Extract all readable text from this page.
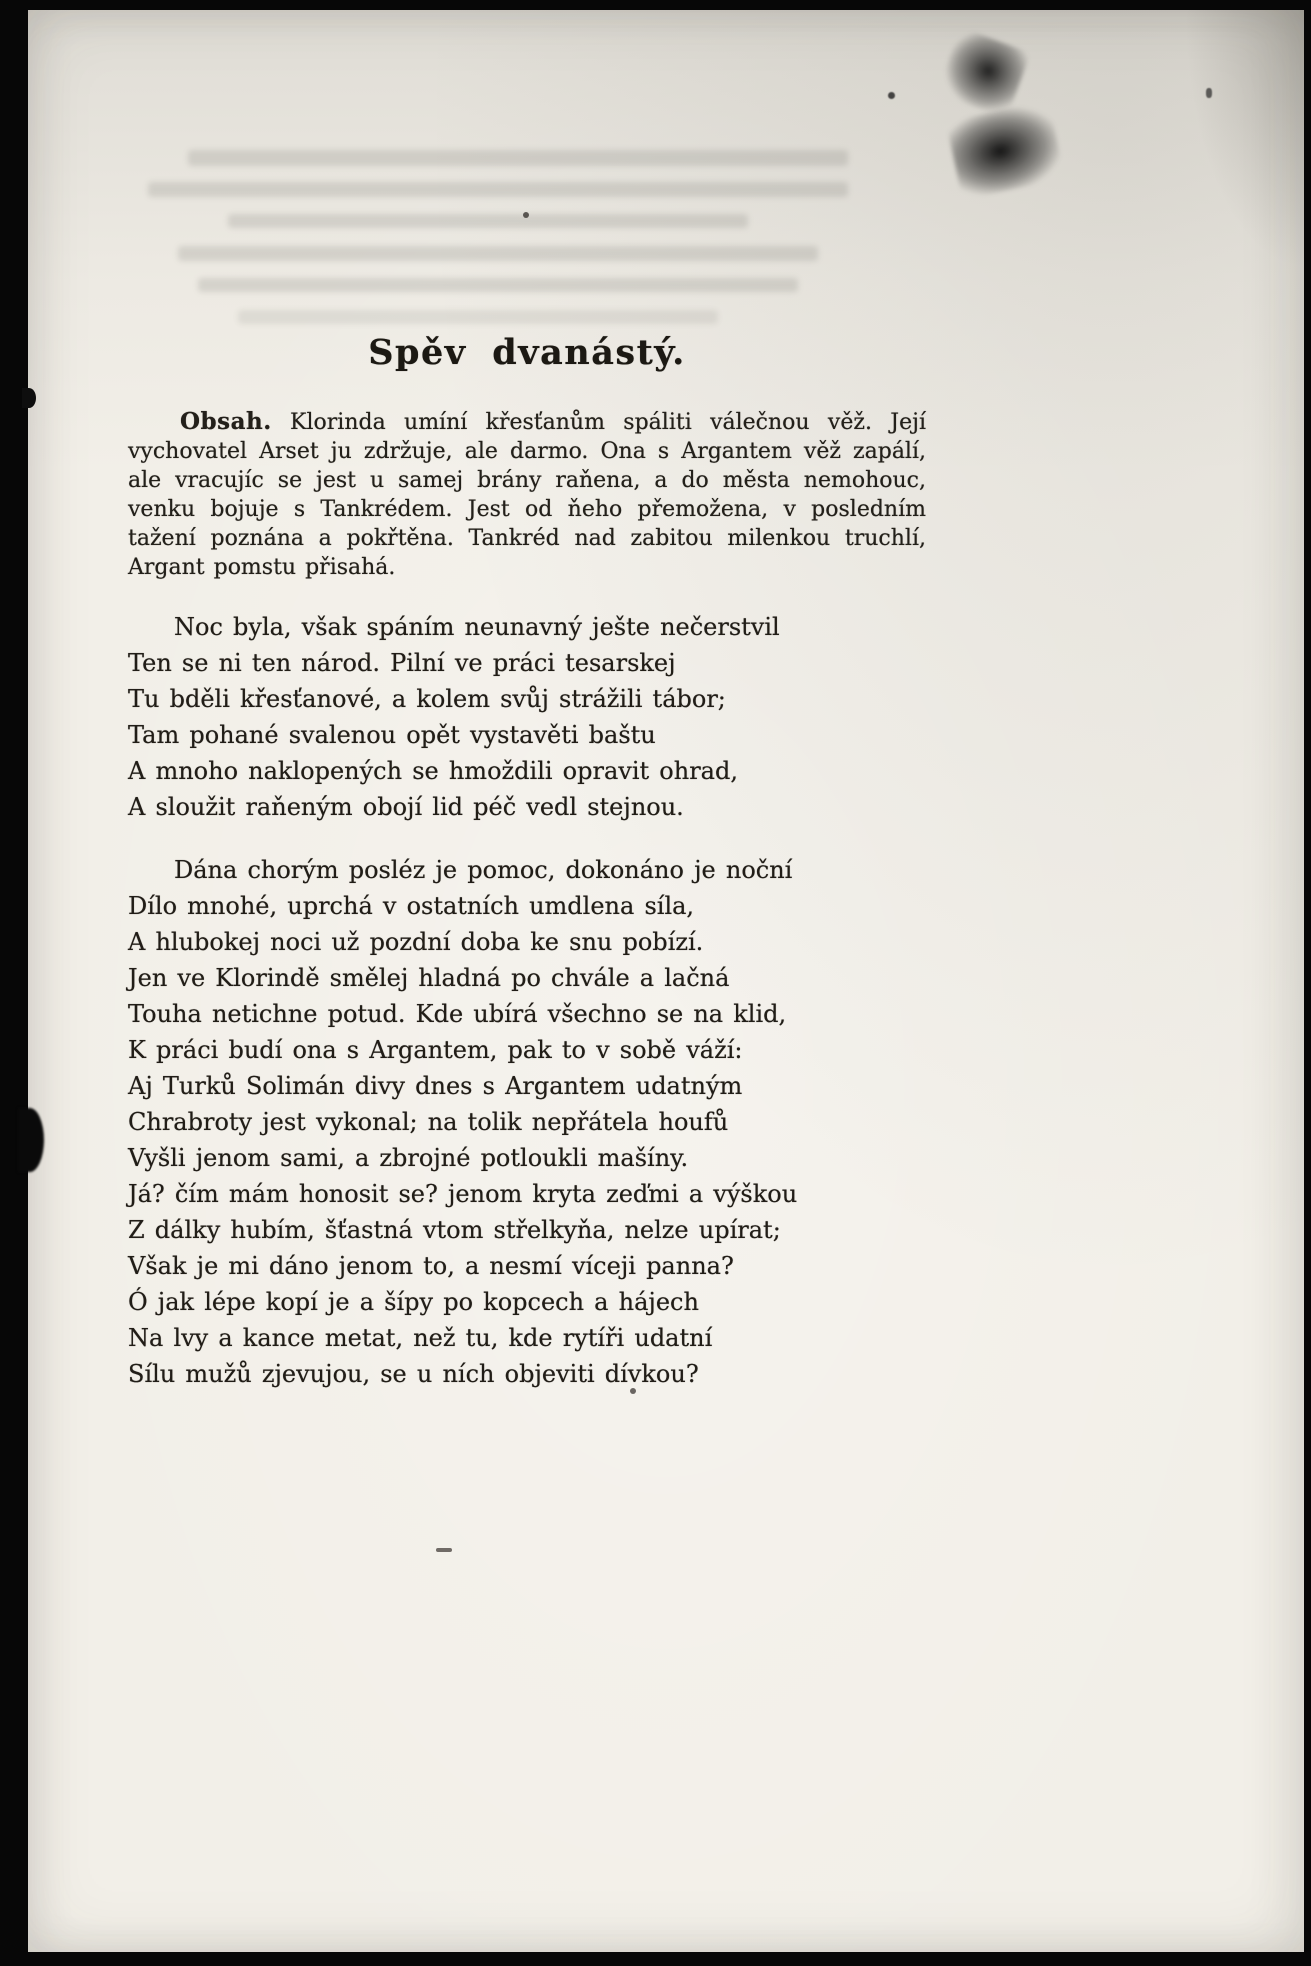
Spěv dvanástý.

Obsah. Klorinda umíní křesťanům spáliti válečnou věž. Její vychovatel Arset ju zdržuje, ale darmo. Ona s Argantem věž zapálí, ale vracujíc se jest u samej brány raňena, a do města nemohouc, venku bojuje s Tankrédem. Jest od ňeho přemožena, v posledním tažení poznána a pokřtěna. Tankréd nad zabitou milenkou truchlí, Argant pomstu přisahá.

Noc byla, však spáním neunavný ješte nečerstvil
Ten se ni ten národ. Pilní ve práci tesarskej
Tu bděli křesťanové, a kolem svůj strážili tábor;
Tam pohané svalenou opět vystavěti baštu
A mnoho naklopených se hmoždili opravit ohrad,
A sloužit raňeným obojí lid péč vedl stejnou.
Dána chorým posléz je pomoc, dokonáno je noční
Dílo mnohé, uprchá v ostatních umdlena síla,
A hlubokej noci už pozdní doba ke snu pobízí.
Jen ve Klorindě smělej hladná po chvále a lačná
Touha netichne potud. Kde ubírá všechno se na klid,
K práci budí ona s Argantem, pak to v sobě váží:
Aj Turků Solimán divy dnes s Argantem udatným
Chrabroty jest vykonal; na tolik nepřátela houfů
Vyšli jenom sami, a zbrojné potloukli mašíny.
Já? čím mám honosit se? jenom kryta zeďmi a výškou
Z dálky hubím, šťastná vtom střelkyňa, nelze upírat;
Však je mi dáno jenom to, a nesmí víceji panna?
Ó jak lépe kopí je a šípy po kopcech a hájech
Na lvy a kance metat, než tu, kde rytíři udatní
Sílu mužů zjevujou, se u ních objeviti dívkou?
